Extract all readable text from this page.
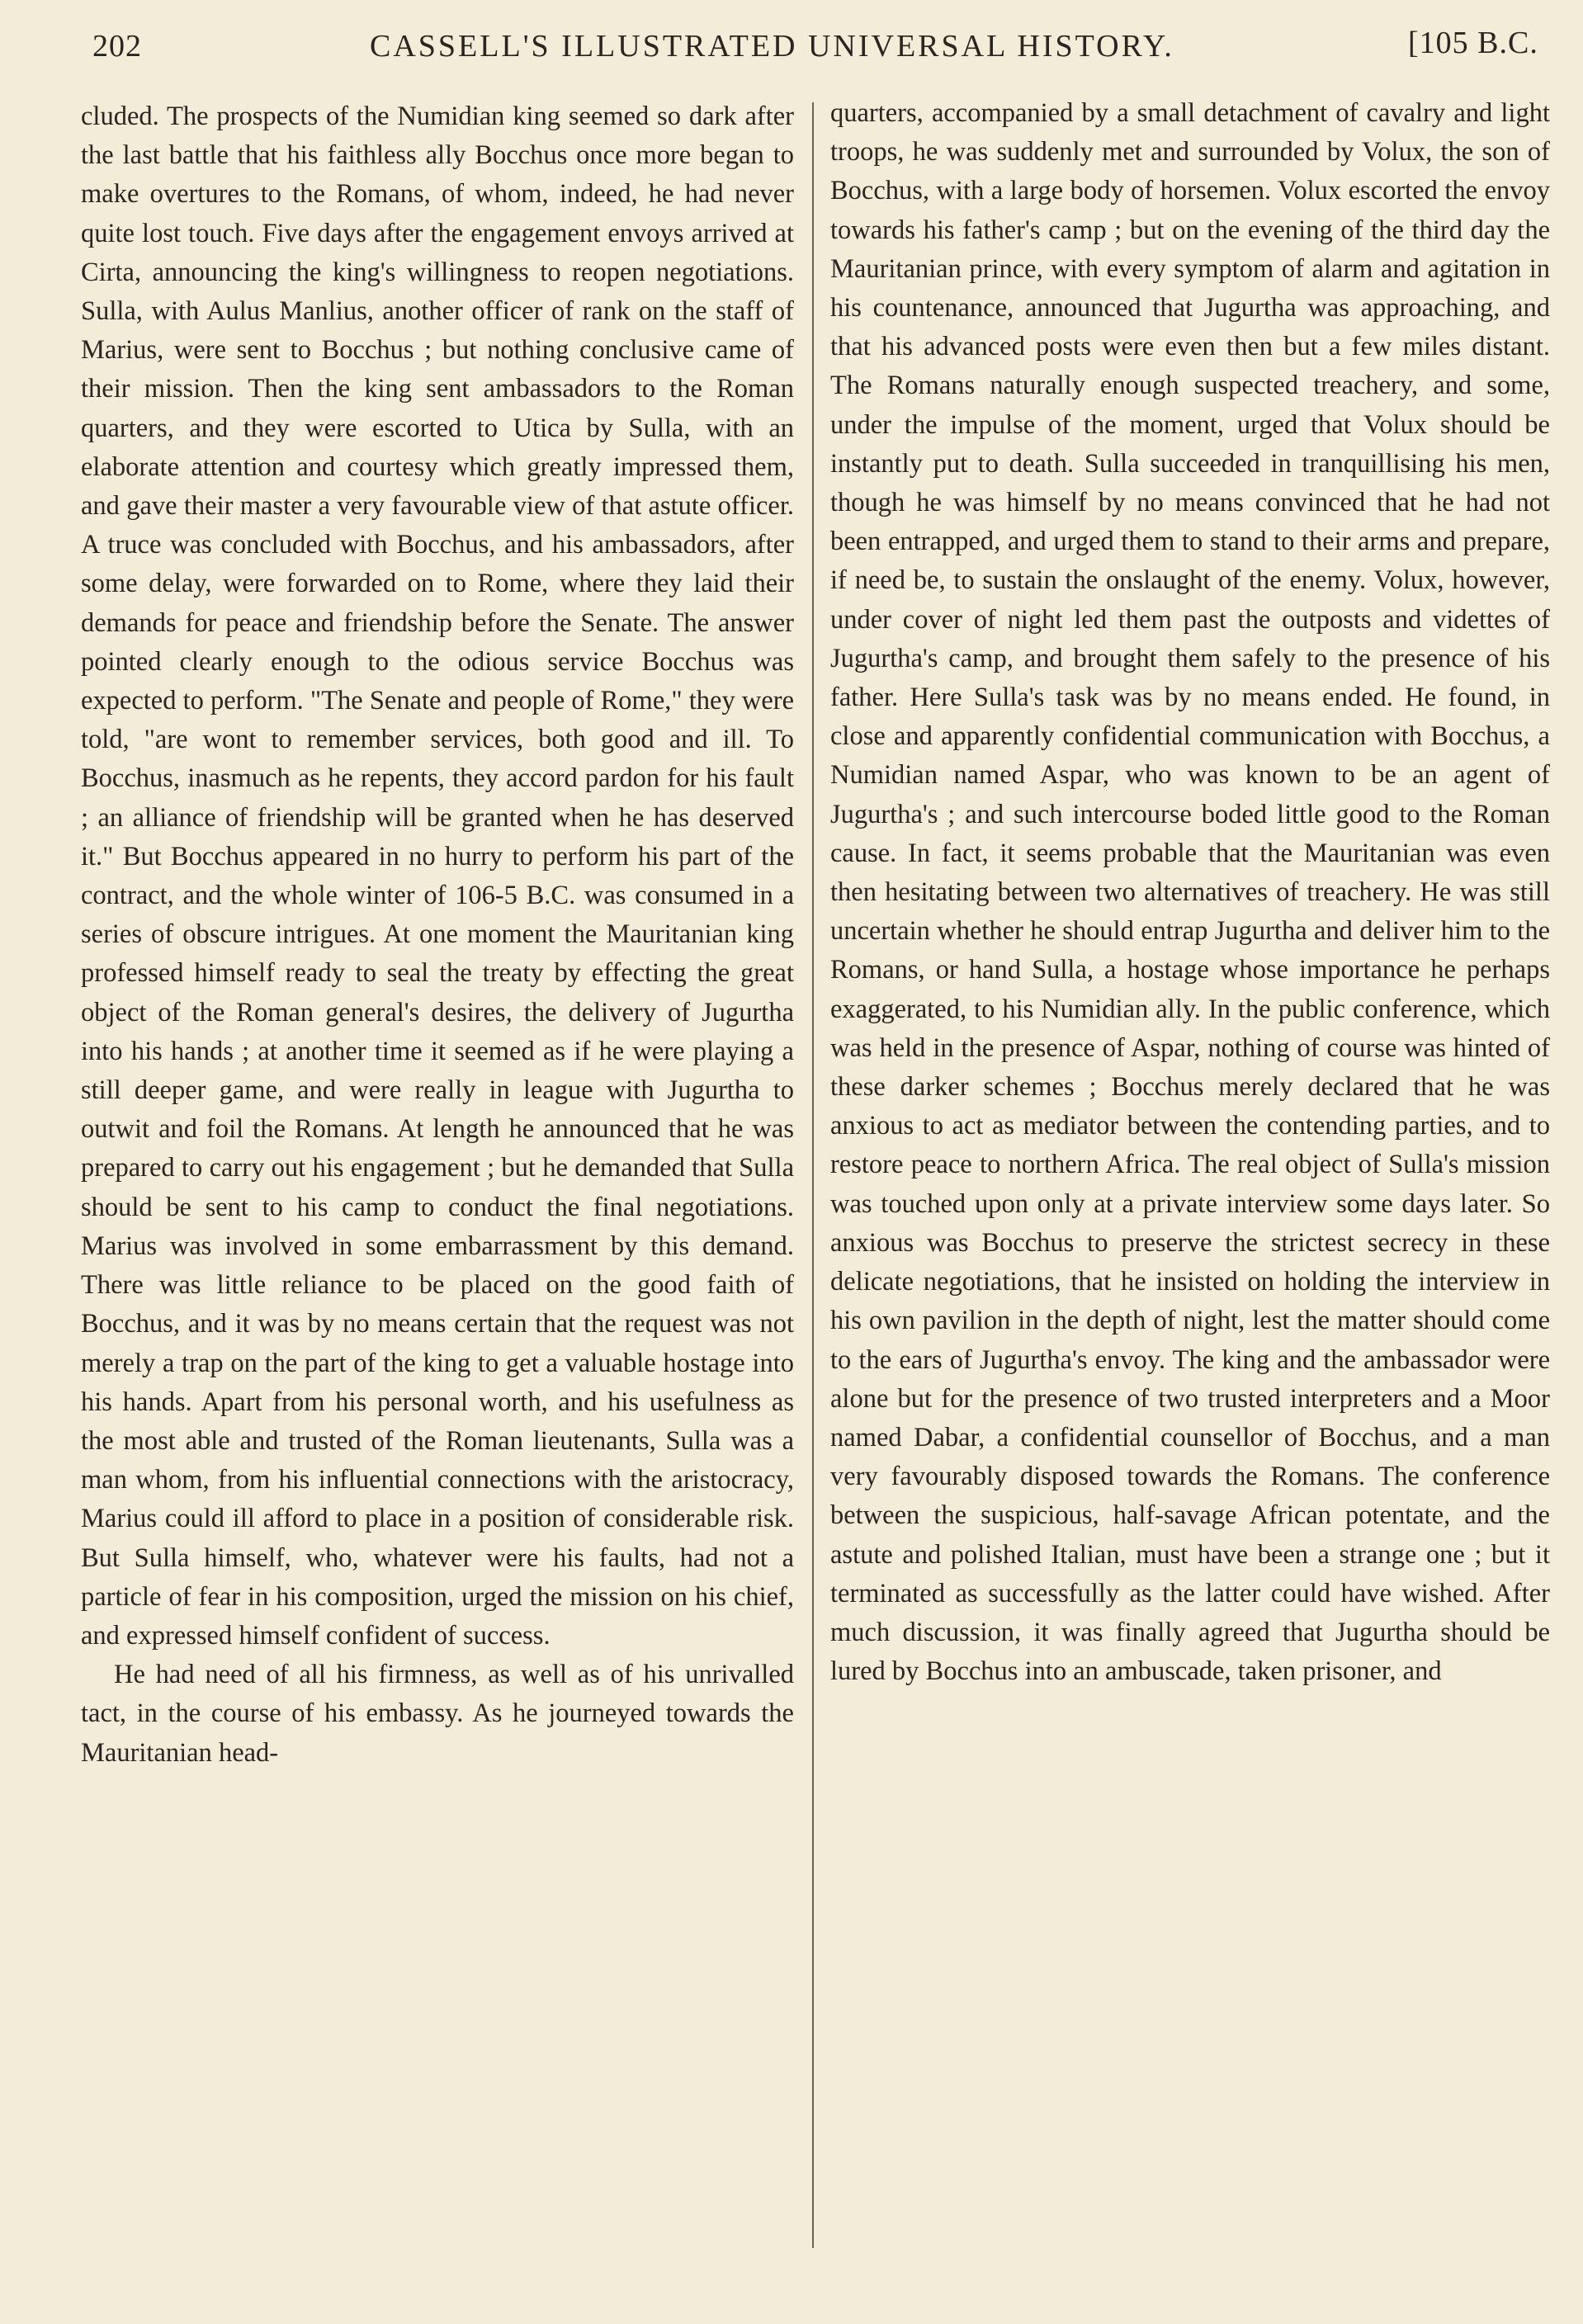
202	CASSELL'S ILLUSTRATED UNIVERSAL HISTORY.	[105 B.C.

cluded. The prospects of the Numidian king seemed so dark after the last battle that his faithless ally Bocchus once more began to make overtures to the Romans, of whom, indeed, he had never quite lost touch. Five days after the engagement envoys arrived at Cirta, announcing the king's willingness to reopen negotiations. Sulla, with Aulus Manlius, another officer of rank on the staff of Marius, were sent to Bocchus ; but nothing conclusive came of their mission. Then the king sent ambassadors to the Roman quarters, and they were escorted to Utica by Sulla, with an elaborate attention and courtesy which greatly impressed them, and gave their master a very favourable view of that astute officer. A truce was concluded with Bocchus, and his ambassadors, after some delay, were forwarded on to Rome, where they laid their demands for peace and friendship before the Senate. The answer pointed clearly enough to the odious service Bocchus was expected to perform. "The Senate and people of Rome," they were told, "are wont to remember services, both good and ill. To Bocchus, inasmuch as he repents, they accord pardon for his fault ; an alliance of friendship will be granted when he has deserved it." But Bocchus appeared in no hurry to perform his part of the contract, and the whole winter of 106-5 B.C. was consumed in a series of obscure intrigues. At one moment the Mauritanian king professed himself ready to seal the treaty by effecting the great object of the Roman general's desires, the delivery of Jugurtha into his hands ; at another time it seemed as if he were playing a still deeper game, and were really in league with Jugurtha to outwit and foil the Romans. At length he announced that he was prepared to carry out his engagement ; but he demanded that Sulla should be sent to his camp to conduct the final negotiations. Marius was involved in some embarrassment by this demand. There was little reliance to be placed on the good faith of Bocchus, and it was by no means certain that the request was not merely a trap on the part of the king to get a valuable hostage into his hands. Apart from his personal worth, and his usefulness as the most able and trusted of the Roman lieutenants, Sulla was a man whom, from his influential connections with the aristocracy, Marius could ill afford to place in a position of considerable risk. But Sulla himself, who, whatever were his faults, had not a particle of fear in his composition, urged the mission on his chief, and expressed himself confident of success.

He had need of all his firmness, as well as of his unrivalled tact, in the course of his embassy. As he journeyed towards the Mauritanian head-

quarters, accompanied by a small detachment of cavalry and light troops, he was suddenly met and surrounded by Volux, the son of Bocchus, with a large body of horsemen. Volux escorted the envoy towards his father's camp ; but on the evening of the third day the Mauritanian prince, with every symptom of alarm and agitation in his countenance, announced that Jugurtha was approaching, and that his advanced posts were even then but a few miles distant. The Romans naturally enough suspected treachery, and some, under the impulse of the moment, urged that Volux should be instantly put to death. Sulla succeeded in tranquillising his men, though he was himself by no means convinced that he had not been entrapped, and urged them to stand to their arms and prepare, if need be, to sustain the onslaught of the enemy. Volux, however, under cover of night led them past the outposts and videttes of Jugurtha's camp, and brought them safely to the presence of his father. Here Sulla's task was by no means ended. He found, in close and apparently confidential communication with Bocchus, a Numidian named Aspar, who was known to be an agent of Jugurtha's ; and such intercourse boded little good to the Roman cause. In fact, it seems probable that the Mauritanian was even then hesitating between two alternatives of treachery. He was still uncertain whether he should entrap Jugurtha and deliver him to the Romans, or hand Sulla, a hostage whose importance he perhaps exaggerated, to his Numidian ally. In the public conference, which was held in the presence of Aspar, nothing of course was hinted of these darker schemes ; Bocchus merely declared that he was anxious to act as mediator between the contending parties, and to restore peace to northern Africa. The real object of Sulla's mission was touched upon only at a private interview some days later. So anxious was Bocchus to preserve the strictest secrecy in these delicate negotiations, that he insisted on holding the interview in his own pavilion in the depth of night, lest the matter should come to the ears of Jugurtha's envoy. The king and the ambassador were alone but for the presence of two trusted interpreters and a Moor named Dabar, a confidential counsellor of Bocchus, and a man very favourably disposed towards the Romans. The conference between the suspicious, half-savage African potentate, and the astute and polished Italian, must have been a strange one ; but it terminated as successfully as the latter could have wished. After much discussion, it was finally agreed that Jugurtha should be lured by Bocchus into an ambuscade, taken prisoner, and
